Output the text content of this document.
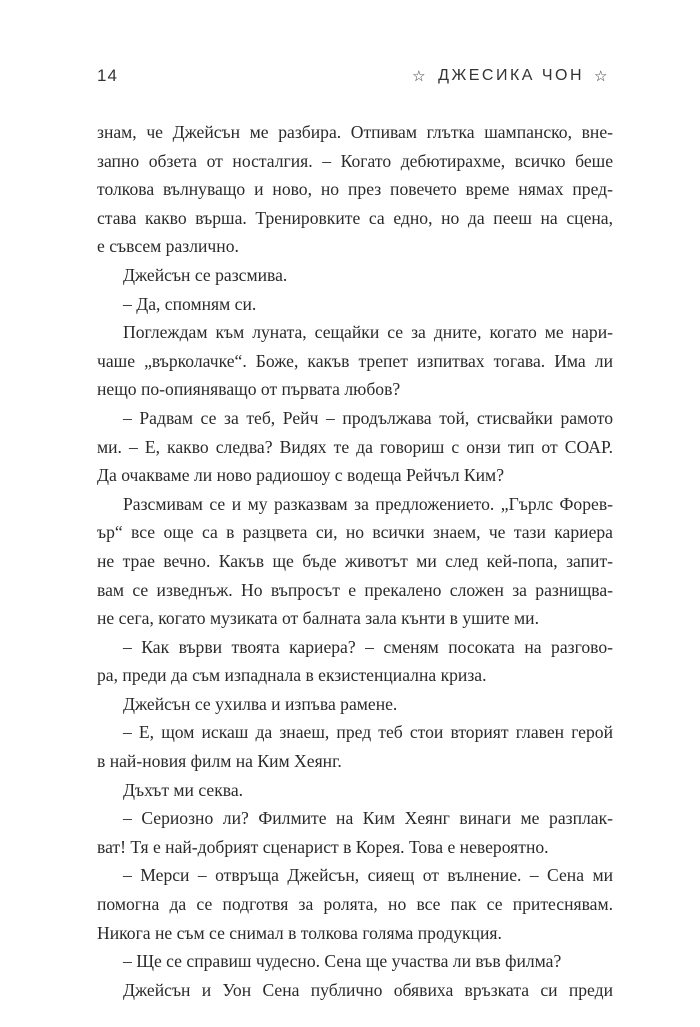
14	☆ ДЖЕСИКА ЧОН ☆
знам, че Джейсън ме разбира. Отпивам глътка шампанско, вне-
запно обзета от носталгия. – Когато дебютирахме, всичко беше
толкова вълнуващо и ново, но през повечето време нямах пред-
става какво върша. Тренировките са едно, но да пееш на сцена,
е съвсем различно.
Джейсън се разсмива.
– Да, спомням си.
Поглеждам към луната, сещайки се за дните, когато ме нари-
чаше „върколачке“. Боже, какъв трепет изпитвах тогава. Има ли
нещо по-опияняващо от първата любов?
– Радвам се за теб, Рейч – продължава той, стисвайки рамото
ми. – Е, какво следва? Видях те да говориш с онзи тип от СОАР.
Да очакваме ли ново радиошоу с водеща Рейчъл Ким?
Разсмивам се и му разказвам за предложението. „Гърлс Форев-
ър“ все още са в разцвета си, но всички знаем, че тази кариера
не трае вечно. Какъв ще бъде животът ми след кей-попа, запит-
вам се изведнъж. Но въпросът е прекалено сложен за разнищва-
не сега, когато музиката от балната зала кънти в ушите ми.
– Как върви твоята кариера? – сменям посоката на разгово-
ра, преди да съм изпаднала в екзистенциална криза.
Джейсън се ухилва и изпъва рамене.
– Е, щом искаш да знаеш, пред теб стои вторият главен герой
в най-новия филм на Ким Хеянг.
Дъхът ми секва.
– Сериозно ли? Филмите на Ким Хеянг винаги ме разплак-
ват! Тя е най-добрият сценарист в Корея. Това е невероятно.
– Мерси – отвръща Джейсън, сияещ от вълнение. – Сена ми
помогна да се подготвя за ролята, но все пак се притеснявам.
Никога не съм се снимал в толкова голяма продукция.
– Ще се справиш чудесно. Сена ще участва ли във филма?
Джейсън и Уон Сена публично обявиха връзката си преди
